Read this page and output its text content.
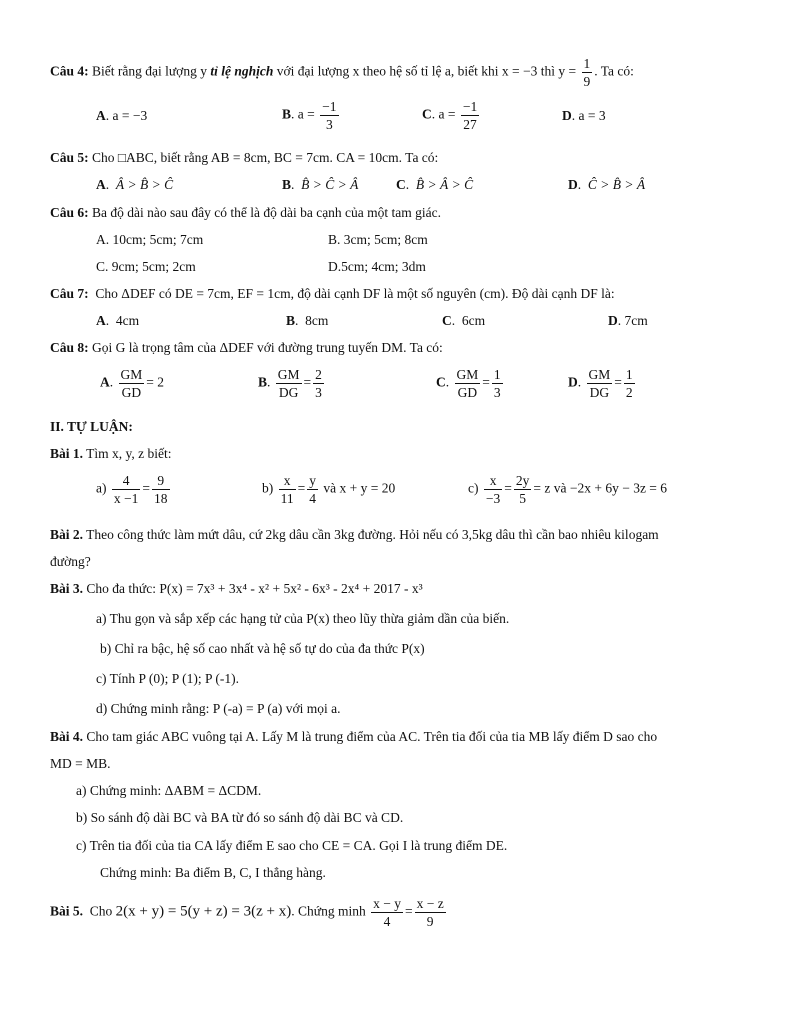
Câu 4: Biết rằng đại lượng y tỉ lệ nghịch với đại lượng x theo hệ số tỉ lệ a, biết khi x = −3 thì $y = \frac{1}{9}$ . Ta có:
A. a = −3	B. $a = \frac{-1}{3}$	C. $a = \frac{-1}{27}$	D. a = 3
Câu 5: Cho □ABC, biết rằng AB = 8cm, BC = 7cm. CA = 10cm. Ta có:
A.  Â > B̂ > Ĉ	B.  B̂ > Ĉ > Â	C.  B̂ > Â > Ĉ	D.  Ĉ > B̂ > Â
Câu 6: Ba độ dài nào sau đây có thể là độ dài ba cạnh của một tam giác.
A. 10cm; 5cm; 7cm	B. 3cm; 5cm; 8cm
C. 9cm; 5cm; 2cm	D.5cm; 4cm; 3dm
Câu 7: Cho ΔDEF có DE = 7cm, EF = 1cm, độ dài cạnh DF là một số nguyên (cm). Độ dài cạnh DF là:
A.  4cm	B.  8cm	C.  6cm	D. 7cm
Câu 8: Gọi G là trọng tâm của ΔDEF với đường trung tuyến DM. Ta có:
A. $\frac{GM}{GD} = 2$	B. $\frac{GM}{DG} = \frac{2}{3}$	C. $\frac{GM}{GD} = \frac{1}{3}$	D. $\frac{GM}{DG} = \frac{1}{2}$
II. TỰ LUẬN:
Bài 1. Tìm x, y, z biết:
$a) \frac{4}{x -1} = \frac{9}{18}$	$b) \frac{x}{11} = \frac{y}{4}$ và x + y = 20	$c) \frac{x}{-3} = \frac{2y}{5} = z$ và −2x + 6y − 3z = 6
Bài 2. Theo công thức làm mứt dâu, cứ 2kg dâu cần 3kg đường. Hỏi nếu có 3,5kg dâu thì cần bao nhiêu kilogam
đường?
Bài 3. Cho đa thức: P(x) = 7x³ + 3x⁴ - x² + 5x² - 6x³ - 2x⁴ + 2017 - x³
a) Thu gọn và sắp xếp các hạng tử của P(x) theo lũy thừa giảm dần của biến.
b) Chỉ ra bậc, hệ số cao nhất và hệ số tự do của đa thức P(x)
c) Tính P (0); P (1); P (-1).
d) Chứng minh rằng: P (-a) = P (a) với mọi a.
Bài 4. Cho tam giác ABC vuông tại A. Lấy M là trung điểm của AC. Trên tia đối của tia MB lấy điểm D sao cho
MD = MB.
a) Chứng minh: ΔABM = ΔCDM.
b) So sánh độ dài BC và BA từ đó so sánh độ dài BC và CD.
c) Trên tia đối của tia CA lấy điểm E sao cho CE = CA. Gọi I là trung điểm DE.
Chứng minh: Ba điểm B, C, I thẳng hàng.
Bài 5. Cho 2(x + y) = 5(y + z) = 3(z + x). Chứng minh $\frac{x - y}{4} = \frac{x - z}{9}$
